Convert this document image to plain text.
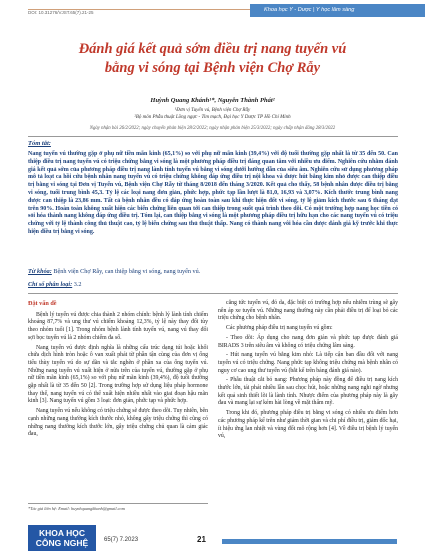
DOI: 10.31276/VJST.65(7).21-25	Khoa học Y - Dược | Y học lâm sàng
Đánh giá kết quả sớm điều trị nang tuyến vú
bằng vi sóng tại Bệnh viện Chợ Rẫy
Huỳnh Quang Khánh¹*, Nguyễn Thành Phát²
¹Đơn vị Tuyến vú, Bệnh viện Chợ Rẫy
²Bộ môn Phẫu thuật Lồng ngực - Tim mạch, Đại học Y Dược TP Hồ Chí Minh
Ngày nhận bài 26/2/2022; ngày chuyển phản biện 28/2/2022; ngày nhận phản biện 25/3/2022; ngày chấp nhận đăng 28/3/2022
Tóm tắt:
Nang tuyến vú thường gặp ở phụ nữ tiền mãn kinh (65,1%) so với phụ nữ mãn kinh (39,4%) với độ tuổi thường gặp nhất là từ 35 đến 50. Can thiệp điều trị nang tuyến vú có triệu chứng bằng vi sóng là một phương pháp điều trị đáng quan tâm với nhiều ưu điểm. Nghiên cứu nhằm đánh giá kết quả sớm của phương pháp điều trị nang lành tính tuyến vú bằng vi sóng dưới hướng dẫn của siêu âm. Nghiên cứu sử dụng phương pháp mô tả loạt ca hồi cứu bệnh nhân nang tuyến vú có triệu chứng không đáp ứng điều trị nội khoa và được hút bằng kim nhỏ được can thiệp điều trị bằng vi sóng tại Đơn vị Tuyến vú, Bệnh viện Chợ Rẫy từ tháng 8/2018 đến tháng 3/2020. Kết quả cho thấy, 58 bệnh nhân được điều trị bằng vi sóng, tuổi trung bình 45,3. Tỷ lệ các loại nang đơn giản, phức hợp, phức tạp lần lượt là 81,0, 16,93 và 3,07%. Kích thước trung bình nang được can thiệp là 23,86 mm. Tất cả bệnh nhân đều có đáp ứng hoàn toàn sau khi thực hiện đốt vi sóng, tỷ lệ giảm kích thước sau 6 tháng đạt trên 90%. Hoàn toàn không xuất hiện các biến chứng liên quan tới can thiệp trong suốt quá trình theo dõi. Có một trường hợp nang học tiền có sỏi hóa thành nang không đáp ứng điều trị. Tóm lại, can thiệp bằng vi sóng là một phương pháp điều trị hữu hạn cho các nang tuyến vú có triệu chứng với tỷ lệ thành công thủ thuật cao, tỷ lệ biến chứng sau thủ thuật thấp. Nang có thành nang vôi hóa cần được đánh giá kỹ trước khi thực hiện điều trị bằng vi sóng.
Từ khóa: Bệnh viện Chợ Rẫy, can thiệp bằng vi sóng, nang tuyến vú.
Chỉ số phân loại: 3.2

Đặt vấn đề

Bệnh lý tuyến vú được chia thành 2 nhóm chính: bệnh lý lành tính chiếm khoảng 87,7% và ung thư vú chiếm khoảng 12,3%, tỷ lệ này thay đổi tùy theo nhóm tuổi [1]. Trong nhóm bệnh lành tính tuyến vú, nang vú thay đổi sợi bọc tuyến vú là 2 nhóm chiếm đa số.

Nang tuyến vú được định nghĩa là những cấu trúc dạng túi hoặc khối chứa dịch hình tròn hoặc ô van xuất phát từ phần tận cùng của đơn vị ống tiểu thùy tuyến vú do sự dãn và tắc nghẽn ở phần xa của ống tuyến vú. Những nang tuyến vú xuất hiện ở nửa trên của tuyến vú, thường gặp ở phụ nữ tiền mãn kinh (65,1%) so với phụ nữ mãn kinh (39,4%), độ tuổi thường gặp nhất là từ 35 đến 50 [2]. Trong trường hợp sử dụng liệu pháp hormone thay thế, nang tuyến vú có thể xuất hiện nhiều nhất vào giai đoạn hậu mãn kinh [3]. Nang tuyến vú gồm 3 loại: đơn giản, phức tạp và phức hợp.

Nang tuyến vú nếu không có triệu chứng sẽ được theo dõi. Tuy nhiên, bên cạnh những nang thường kích thước nhỏ, không gây triệu chứng thì cũng có những nang thường kích thước lớn, gây triệu chứng chủ quan là cảm giác đau,

căng tức tuyến vú, đỏ da, đặc biệt có trường hợp nếu nhiễm trùng sẽ gây nên áp xe tuyến vú. Những nang thường này cần phải điều trị để loại bỏ các triệu chứng cho bệnh nhân.

Các phương pháp điều trị nang tuyến vú gồm:

- Theo dõi: Áp dụng cho nang đơn giản và phức tạp được đánh giá BIRADS 3 trên siêu âm và không có triệu chứng lâm sàng.

- Hút nang tuyến vú bằng kim nhỏ: Là tiếp cận ban đầu đối với nang tuyến vú có triệu chứng. Nang phức tạp không triệu chứng mà bệnh nhân có nguy cơ cao ung thư tuyến vú (bắt kể trên bảng đánh giá nào).

- Phẫu thuật cắt bỏ nang: Phương pháp này đồng để điều trị nang kích thước lớn, tái phát nhiều lần sau chọc hút, hoặc những nang nghi ngờ nhưng kết quả sinh thiết lõi là lành tính. Nhược điểm của phương pháp này là gây đau và mang lại sự kém hài lòng về mặt thẩm mỹ.

Trong khi đó, phương pháp điều trị bằng vi sóng có nhiều ưu điểm hơn các phương pháp kể trên như giảm thời gian và chi phí điều trị, giảm đốc hại, ít hiệu ứng lan nhiệt và vùng đốt mô rộng hơn [4]. Về điều trị bệnh lý tuyến vú,

*Tác giả liên hệ: Email: huynhquangkhanh@gmail.com
KHOA HỌC
CÔNG NGHỆ	65(7) 7.2023	21
